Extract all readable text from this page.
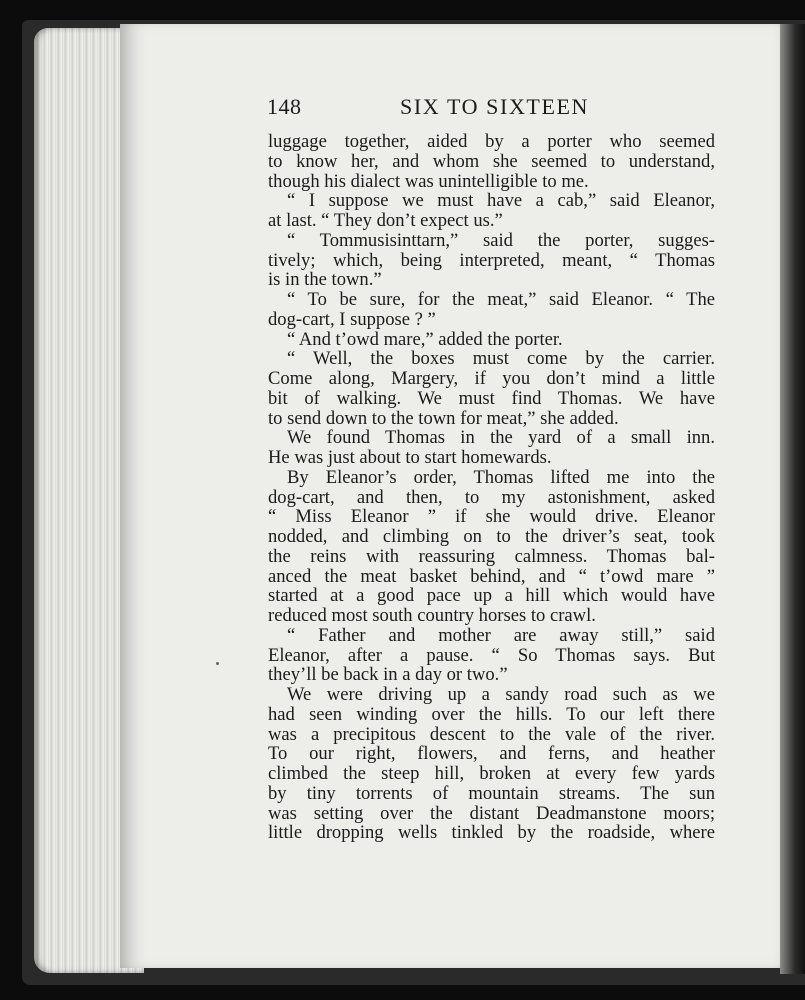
148	SIX TO SIXTEEN
luggage together, aided by a porter who seemed
to know her, and whom she seemed to understand,
though his dialect was unintelligible to me.
“ I suppose we must have a cab,” said Eleanor,
at last. “ They don’t expect us.”
“ Tommusisinttarn,” said the porter, sugges-
tively; which, being interpreted, meant, “ Thomas
is in the town.”
“ To be sure, for the meat,” said Eleanor. “ The
dog-cart, I suppose ? ”
“ And t’owd mare,” added the porter.
“ Well, the boxes must come by the carrier.
Come along, Margery, if you don’t mind a little
bit of walking. We must find Thomas. We have
to send down to the town for meat,” she added.
We found Thomas in the yard of a small inn.
He was just about to start homewards.
By Eleanor’s order, Thomas lifted me into the
dog-cart, and then, to my astonishment, asked
“ Miss Eleanor ” if she would drive. Eleanor
nodded, and climbing on to the driver’s seat, took
the reins with reassuring calmness. Thomas bal-
anced the meat basket behind, and “ t’owd mare ”
started at a good pace up a hill which would have
reduced most south country horses to crawl.
“ Father and mother are away still,” said
Eleanor, after a pause. “ So Thomas says. But
they’ll be back in a day or two.”
We were driving up a sandy road such as we
had seen winding over the hills. To our left there
was a precipitous descent to the vale of the river.
To our right, flowers, and ferns, and heather
climbed the steep hill, broken at every few yards
by tiny torrents of mountain streams. The sun
was setting over the distant Deadmanstone moors;
little dropping wells tinkled by the roadside, where
